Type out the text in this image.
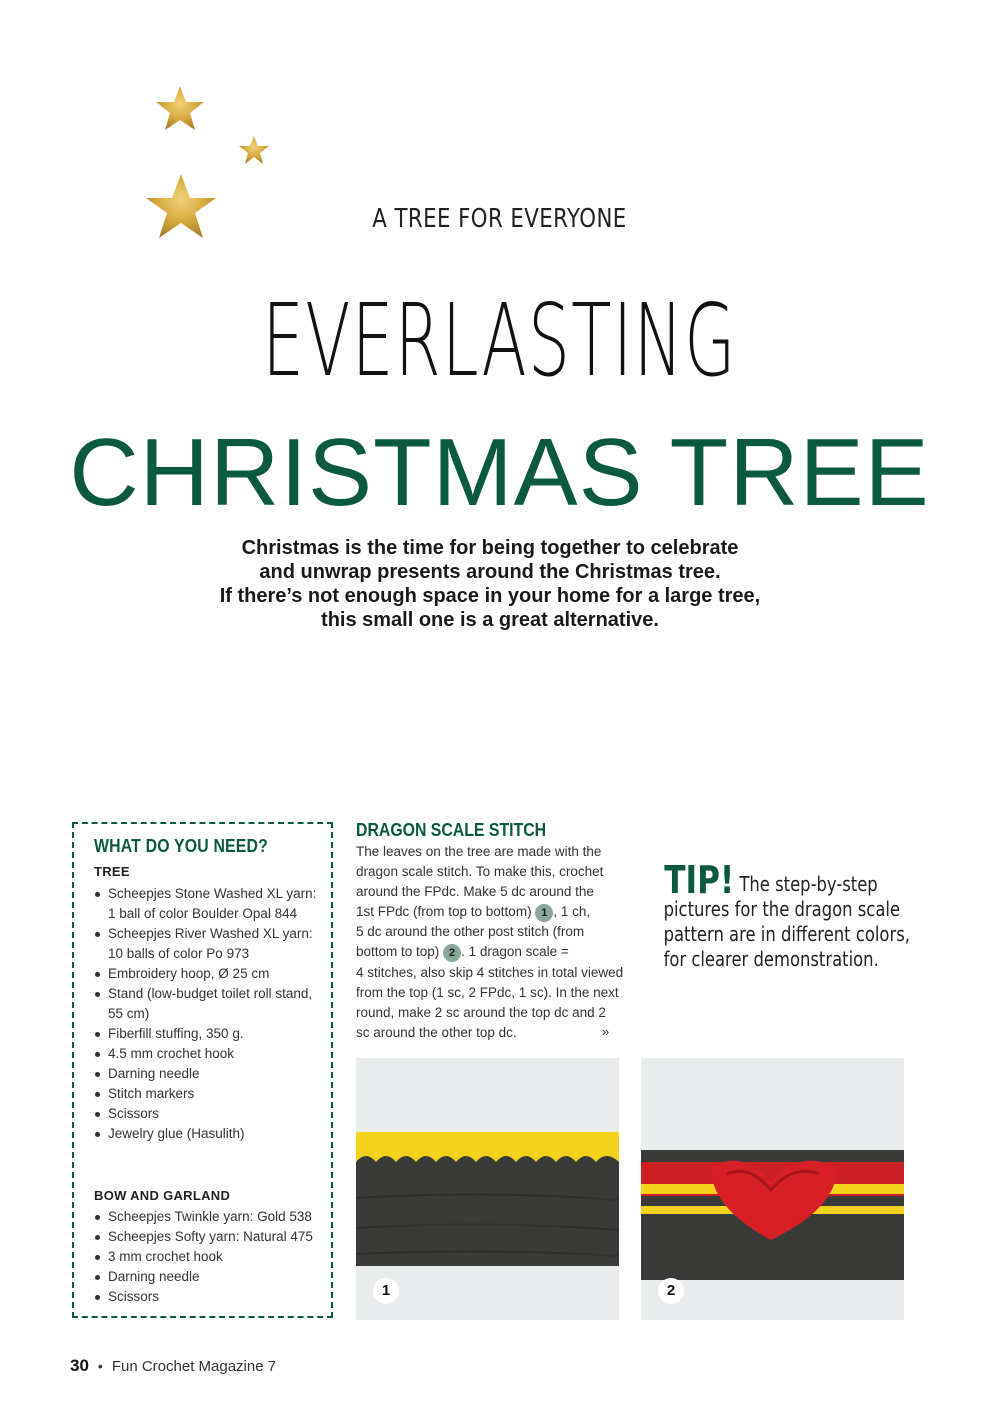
A TREE FOR EVERYONE
EVERLASTING
CHRISTMAS TREE

Christmas is the time for being together to celebrate
and unwrap presents around the Christmas tree.
If there’s not enough space in your home for a large tree,
this small one is a great alternative.

WHAT DO YOU NEED?
TREE
Scheepjes Stone Washed XL yarn: 1 ball of color Boulder Opal 844
Scheepjes River Washed XL yarn: 10 balls of color Po 973
Embroidery hoop, Ø 25 cm
Stand (low-budget toilet roll stand, 55 cm)
Fiberfill stuffing, 350 g.
4.5 mm crochet hook
Darning needle
Stitch markers
Scissors
Jewelry glue (Hasulith)
BOW AND GARLAND
Scheepjes Twinkle yarn: Gold 538
Scheepjes Softy yarn: Natural 475
3 mm crochet hook
Darning needle
Scissors
DRAGON SCALE STITCH

The leaves on the tree are made with the
dragon scale stitch. To make this, crochet
around the FPdc. Make 5 dc around the
1st FPdc (from top to bottom) 1 , 1 ch,
5 dc around the other post stitch (from
bottom to top) 2 . 1 dragon scale =
4 stitches, also skip 4 stitches in total viewed
from the top (1 sc, 2 FPdc, 1 sc). In the next
round, make 2 sc around the top dc and 2
sc around the other top dc.	»
TIP! The step-by-step
pictures for the dragon scale
pattern are in different colors,
for clearer demonstration.
1	2
30 • Fun Crochet Magazine 7
